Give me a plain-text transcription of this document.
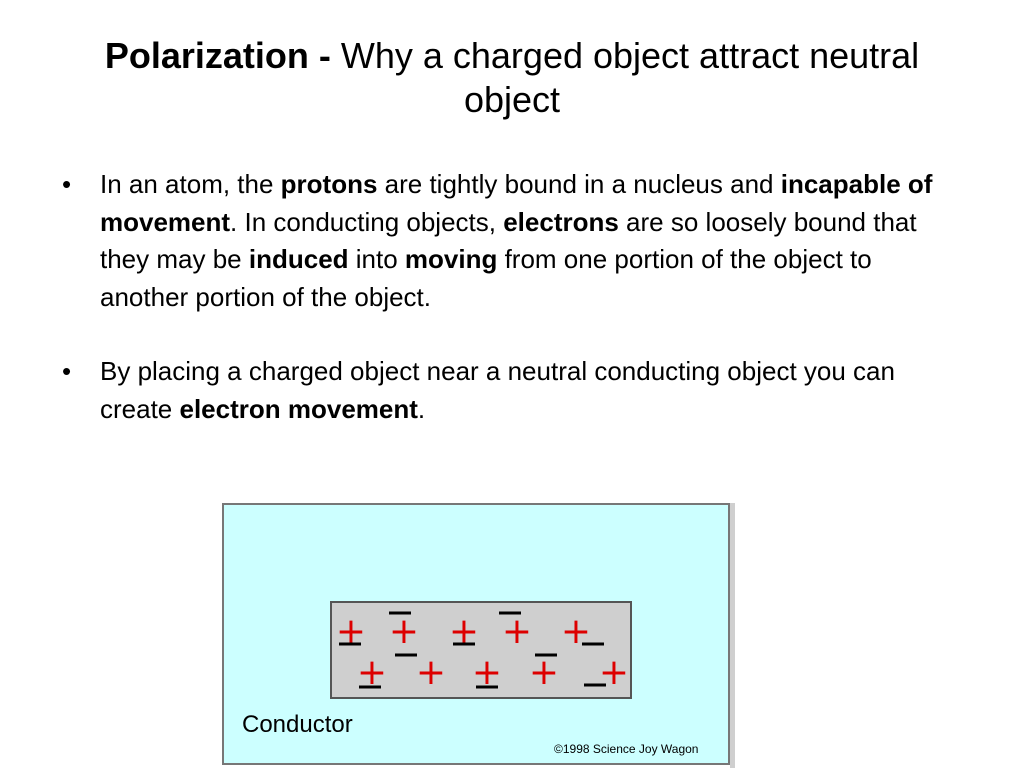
Polarization - Why a charged object attract neutral object
• In an atom, the protons are tightly bound in a nucleus and incapable of movement. In conducting objects, electrons are so loosely bound that they may be induced into moving from one portion of the object to another portion of the object.
• By placing a charged object near a neutral conducting object you can create electron movement.
+ + + + +
+ + + + +
Conductor
©1998 Science Joy Wagon
